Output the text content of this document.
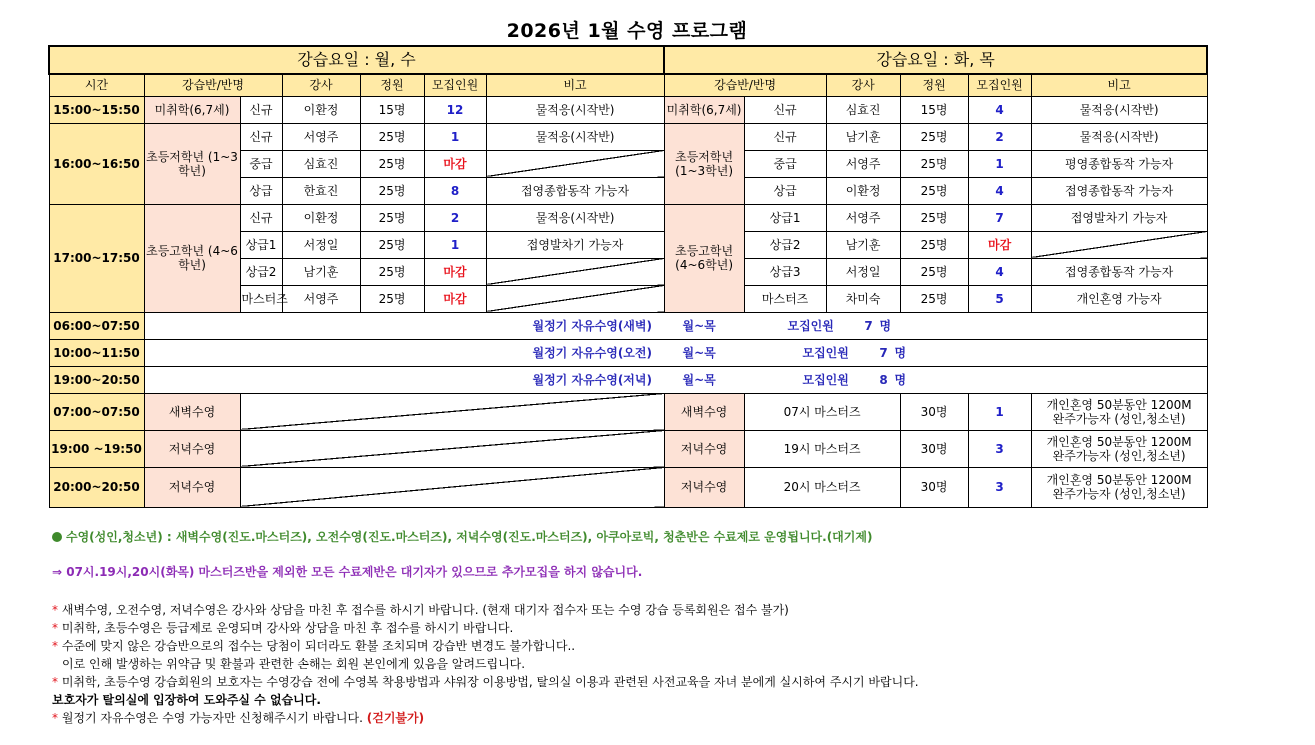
2026년 1월 수영 프로그램
강습요일 : 월, 수							강습요일 : 화, 목					
시간	강습반/반명		강사	정원	모집인원	비고	강습반/반명		강사	정원	모집인원	비고
15:00~15:50	미취학(6,7세)	신규	이환정	15명	12	물적응(시작반)	미취학(6,7세)	신규	심효진	15명	4	물적응(시작반)
16:00~16:50	초등저학년 (1~3학년)	신규	서영주	25명	1	물적응(시작반)	초등저학년 (1~3학년)	신규	남기훈	25명	2	물적응(시작반)
		중급	심효진	25명	마감			중급	서영주	25명	1	평영종합동작 가능자
		상급	한효진	25명	8	접영종합동작 가능자		상급	이환정	25명	4	접영종합동작 가능자
17:00~17:50	초등고학년 (4~6학년)	신규	이환정	25명	2	물적응(시작반)	초등고학년 (4~6학년)	상급1	서영주	25명	7	접영발차기 가능자
		상급1	서정일	25명	1	접영발차기 가능자		상급2	남기훈	25명	마감	
		상급2	남기훈	25명	마감			상급3	서정일	25명	4	접영종합동작 가능자
		마스터즈	서영주	25명	마감			마스터즈	차미숙	25명	5	개인혼영 가능자
06:00~07:50	월정기 자유수영(새벽) 월~목 모집인원 7 명											
10:00~11:50	월정기 자유수영(오전) 월~목 모집인원 7 명											
19:00~20:50	월정기 자유수영(저녁) 월~목 모집인원 8 명											
07:00~07:50	새벽수영						새벽수영	07시 마스터즈		30명	1	개인혼영 50분동안 1200M
완주가능자 (성인,청소년)

19:00 ~19:50	저녁수영						저녁수영	19시 마스터즈		30명	3	개인혼영 50분동안 1200M
완주가능자 (성인,청소년)

20:00~20:50	저녁수영						저녁수영	20시 마스터즈		30명	3	개인혼영 50분동안 1200M
완주가능자 (성인,청소년)
수영(성인,청소년) : 새벽수영(진도.마스터즈), 오전수영(진도.마스터즈), 저녁수영(진도.마스터즈), 아쿠아로빅, 청춘반은 수료제로 운영됩니다.(대기제)
⇒ 07시.19시,20시(화목) 마스터즈반을 제외한 모든 수료제반은 대기자가 있으므로 추가모집을 하지 않습니다.
* 새벽수영, 오전수영, 저녁수영은 강사와 상담을 마친 후 접수를 하시기 바랍니다. (현재 대기자 접수자 또는 수영 강습 등록회원은 접수 불가)
* 미취학, 초등수영은 등급제로 운영되며 강사와 상담을 마친 후 접수를 하시기 바랍니다.
* 수준에 맞지 않은 강습반으로의 접수는 당첨이 되더라도 환불 조치되며 강습반 변경도 불가합니다..
이로 인해 발생하는 위약금 및 환불과 관련한 손해는 회원 본인에게 있음을 알려드립니다.
* 미취학, 초등수영 강습회원의 보호자는 수영강습 전에 수영복 착용방법과 샤워장 이용방법, 탈의실 이용과 관련된 사전교육을 자녀 분에게 실시하여 주시기 바랍니다.
보호자가 탈의실에 입장하여 도와주실 수 없습니다.
* 월정기 자유수영은 수영 가능자만 신청해주시기 바랍니다. (걷기불가)
